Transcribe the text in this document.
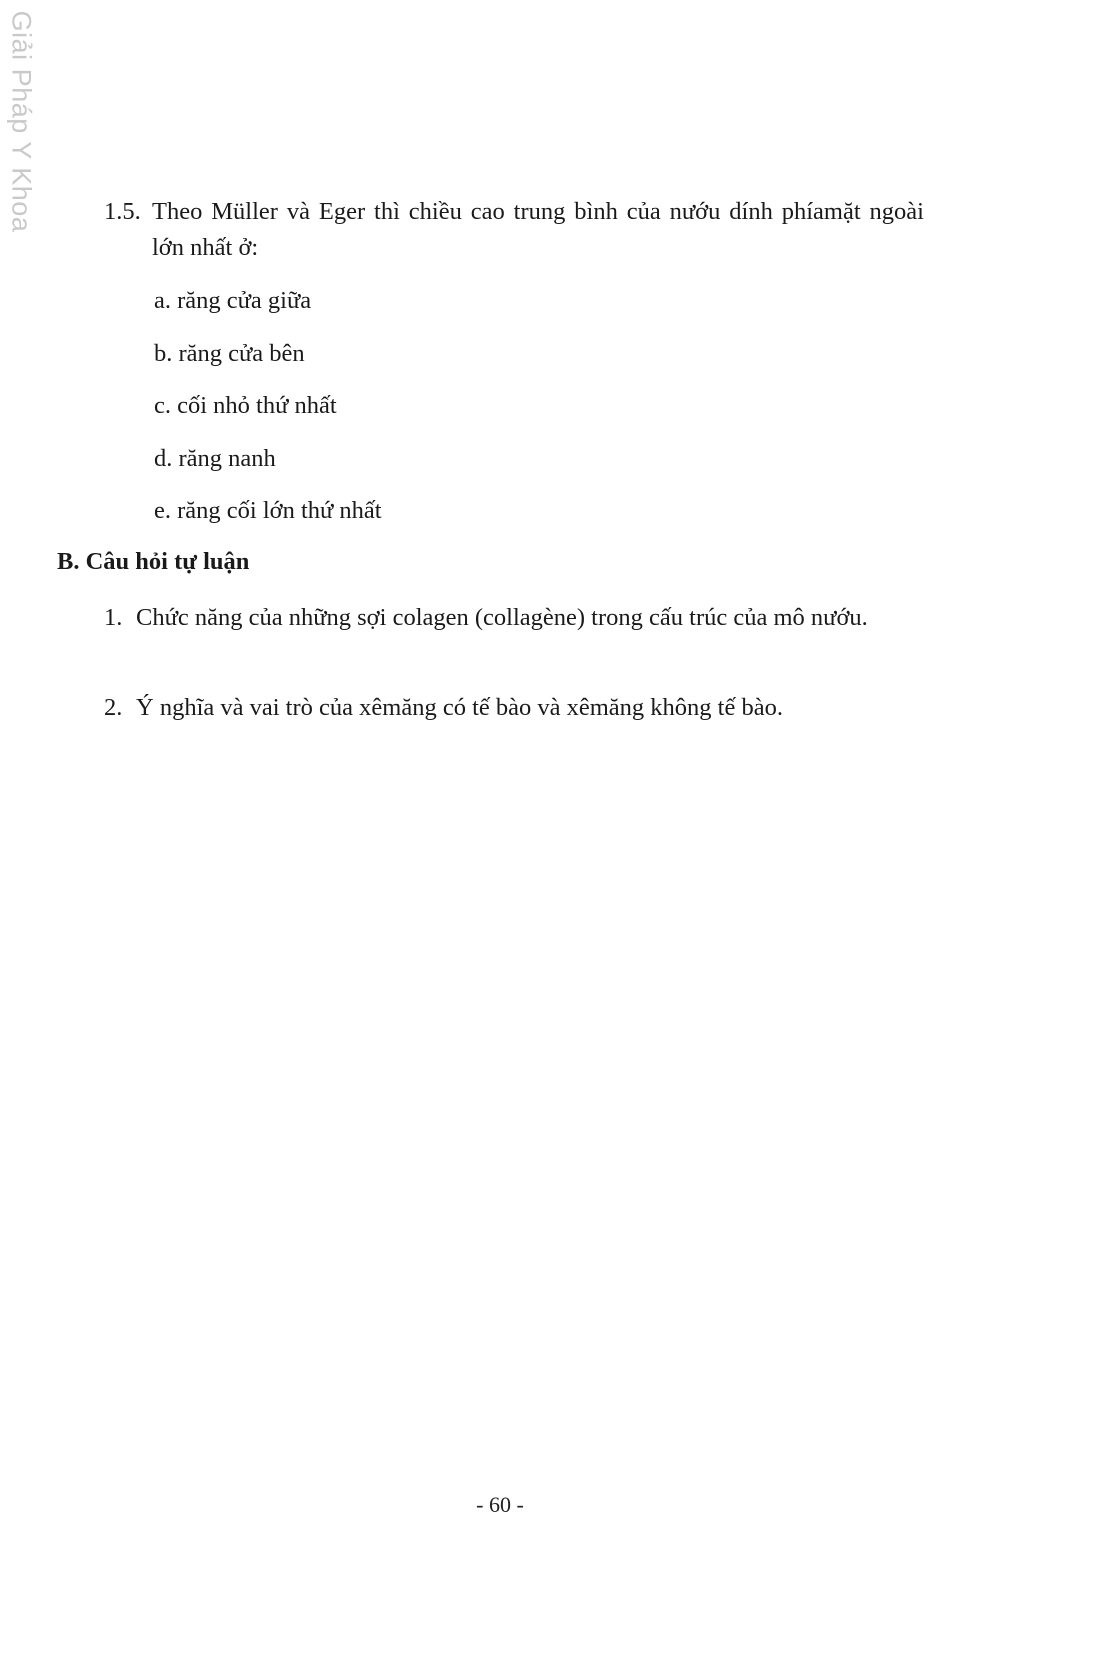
Giải Pháp Y Khoa	1.5. Theo Müller và Eger thì chiều cao trung bình của nướu dính phíamặt ngoài lớn nhất ở:
a. răng cửa giữa
b. răng cửa bên
c. cối nhỏ thứ nhất
d. răng nanh
e. răng cối lớn thứ nhất
B. Câu hỏi tự luận
1. Chức năng của những sợi colagen (collagène) trong cấu trúc của mô nướu.
2. Ý nghĩa và vai trò của xêmăng có tế bào và xêmăng không tế bào.
- 60 -
